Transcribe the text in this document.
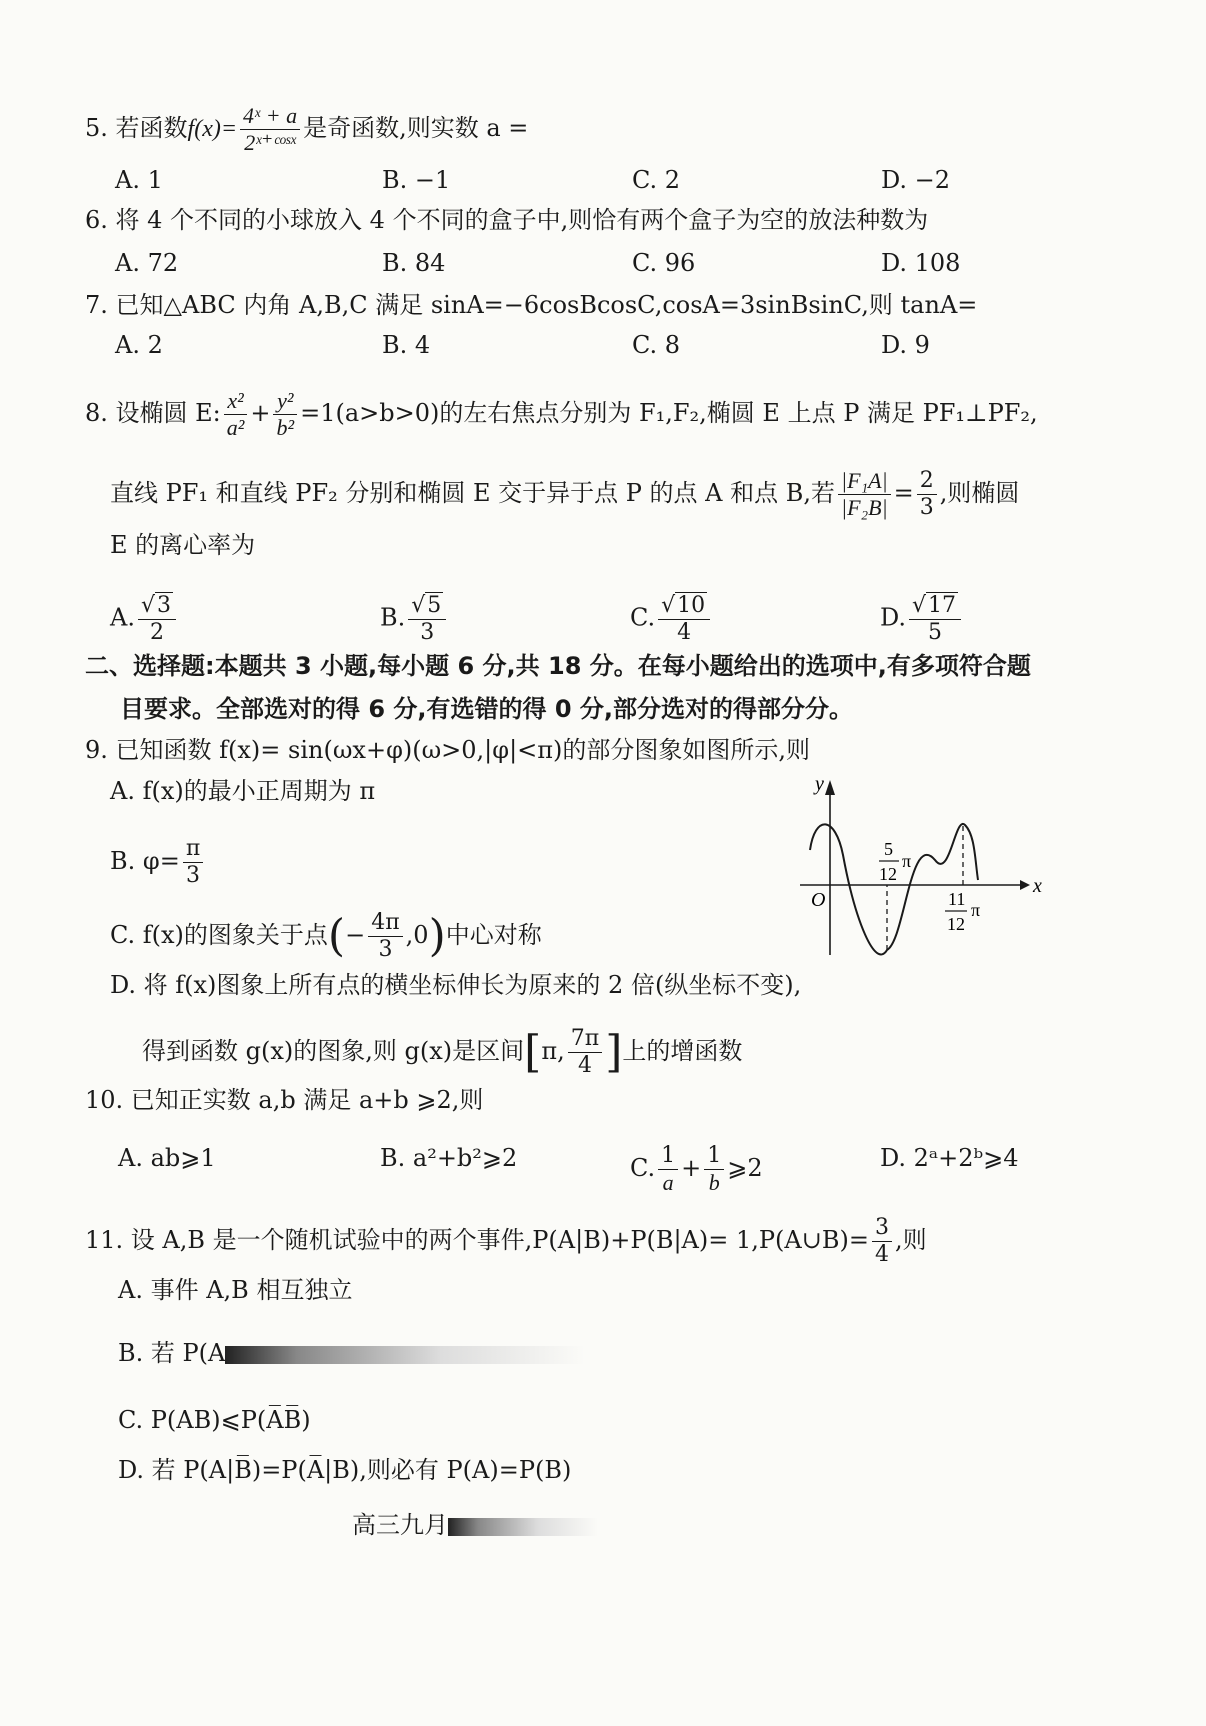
5. 若函数$f(x)= \frac{\text{4ˣ + a}}{\text{2ˣ⁺ᶜᵒˢˣ}}$ 是奇函数,则实数 a =
A. 1	B. −1	C. 2	D. −2
6. 将 4 个不同的小球放入 4 个不同的盒子中,则恰有两个盒子为空的放法种数为
A. 72	B. 84	C. 96	D. 108
7. 已知△ABC 内角 A,B,C 满足 sinA=−6cosBcosC,cosA=3sinBsinC,则 tanA=
A. 2	B. 4	C. 8	D. 9
8. 设椭圆 E: $\frac{\text{x²}}{\text{a²}} + \frac{\text{y²}}{\text{b²}} =1(a>b>0)$的左右焦点分别为 F₁,F₂,椭圆 E 上点 P 满足 PF₁⊥PF₂,
直线 PF₁ 和直线 PF₂ 分别和椭圆 E 交于异于点 P 的点 A 和点 B,若 $\frac{\text{|F₁A|}}{\text{|F₂B|}} = \frac{2}{3}$ ,则椭圆
E 的离心率为
A. $\frac{√3}{2}$	B. $\frac{√5}{3}$	C. $\frac{√10}{4}$	D. $\frac{√17}{5}$
二、选择题:本题共 3 小题,每小题 6 分,共 18 分。在每小题给出的选项中,有多项符合题
目要求。全部选对的得 6 分,有选错的得 0 分,部分选对的得部分分。
9. 已知函数 f(x)= sin(ωx+φ)(ω>0,|φ|<π)的部分图象如图所示,则
A. f(x)的最小正周期为 π
B. $\varphi= \frac{\pi}{3}$
C. f(x)的图象关于点(− $\frac{4\pi}{3} ,0$)中心对称
D. 将 f(x)图象上所有点的横坐标伸长为原来的 2 倍(纵坐标不变),
得到函数 g(x)的图象,则 g(x)是区间[π, $\frac{7\pi}{4}$ ]上的增函数
y
x
O
5
12
π
11
12
π
10. 已知正实数 a,b 满足 a+b ⩾2,则
A. ab⩾1	B. a²+b²⩾2	C. $\frac{1}{a} + \frac{1}{b}$ ⩾2	D. 2ᵃ+2ᵇ⩾4
11. 设 A,B 是一个随机试验中的两个事件,P(A|B)+P(B|A)= 1,P(A∪B)= $\frac{3}{4}$ ,则
A. 事件 A,B 相互独立
B. 若 P(A
C. P(AB)⩽P(A̅B̅)
D. 若 P(A|B̅)=P(A̅|B),则必有 P(A)=P(B)
高三九月
